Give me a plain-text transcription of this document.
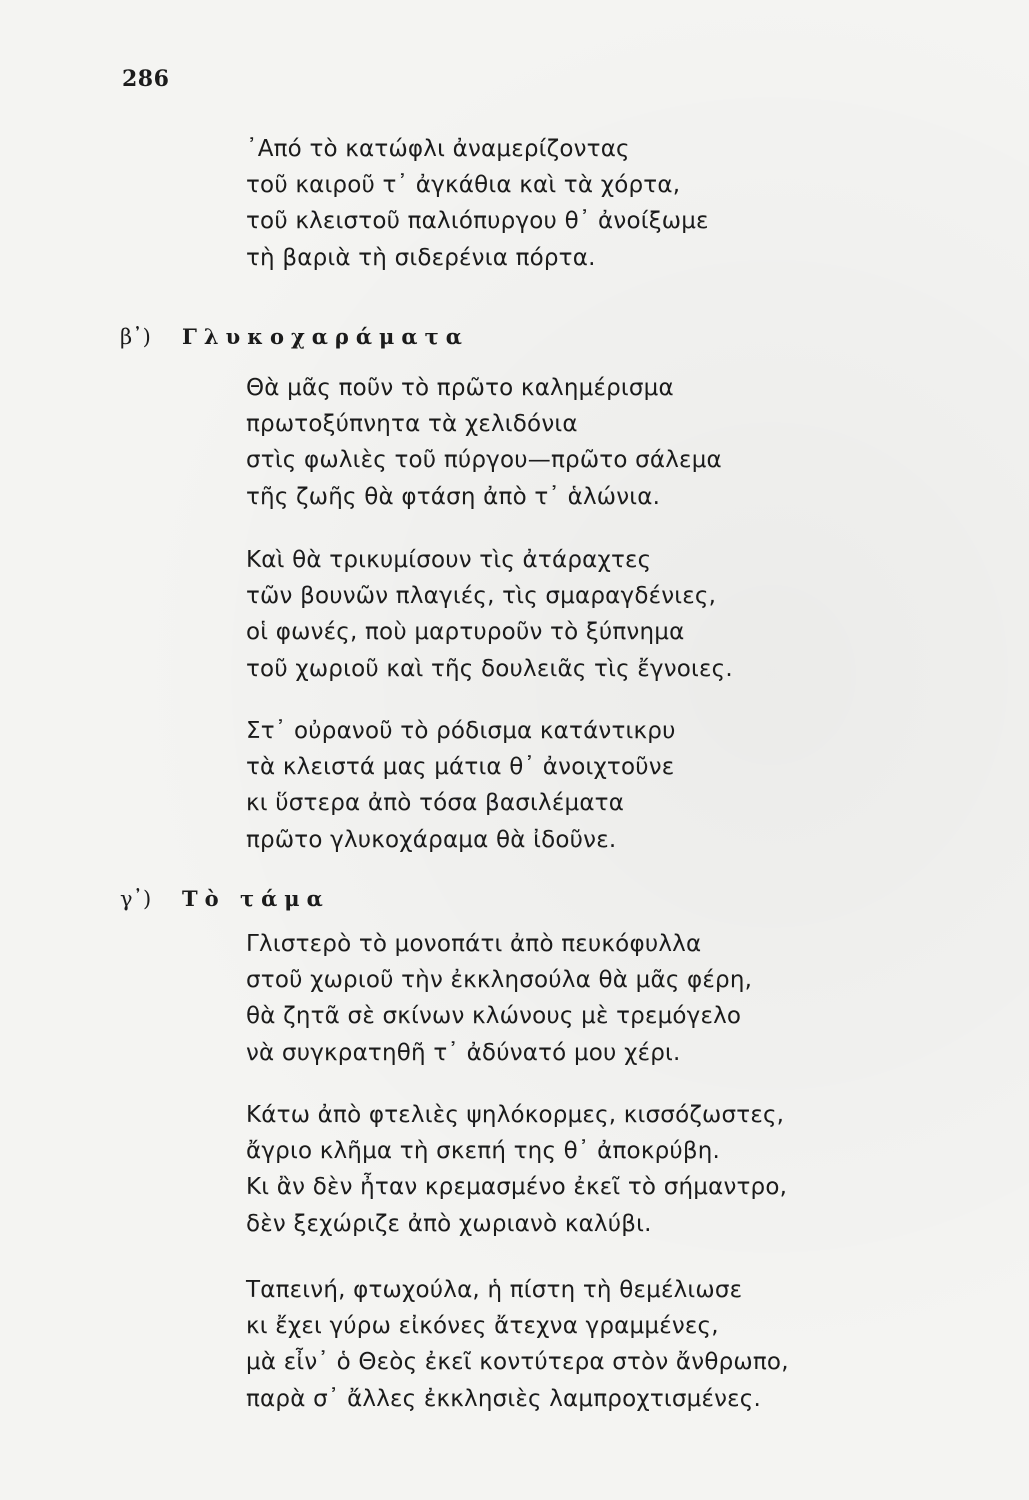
286
᾽Από τὸ κατώφλι ἀναμερίζοντας
τοῦ καιροῦ τ᾽ ἀγκάθια καὶ τὰ χόρτα,
τοῦ κλειστοῦ παλιόπυργου θ᾽ ἀνοίξωμε
τὴ βαριὰ τὴ σιδερένια πόρτα.
β᾽) Γλυκοχαράματα
Θὰ μᾶς ποῦν τὸ πρῶτο καλημέρισμα
πρωτοξύπνητα τὰ χελιδόνια
στὶς φωλιὲς τοῦ πύργου—πρῶτο σάλεμα
τῆς ζωῆς θὰ φτάση ἀπὸ τ᾽ ἁλώνια.
Καὶ θὰ τρικυμίσουν τὶς ἀτάραχτες
τῶν βουνῶν πλαγιές, τὶς σμαραγδένιες,
οἱ φωνές, ποὺ μαρτυροῦν τὸ ξύπνημα
τοῦ χωριοῦ καὶ τῆς δουλειᾶς τὶς ἔγνοιες.
Στ᾽ οὐρανοῦ τὸ ρόδισμα κατάντικρυ
τὰ κλειστά μας μάτια θ᾽ ἀνοιχτοῦνε
κι ὕστερα ἀπὸ τόσα βασιλέματα
πρῶτο γλυκοχάραμα θὰ ἰδοῦνε.
γ᾽) Τὸ τάμα
Γλιστερὸ τὸ μονοπάτι ἀπὸ πευκόφυλλα
στοῦ χωριοῦ τὴν ἐκκλησούλα θὰ μᾶς φέρη,
θὰ ζητᾶ σὲ σκίνων κλώνους μὲ τρεμόγελο
νὰ συγκρατηθῆ τ᾽ ἀδύνατό μου χέρι.
Κάτω ἀπὸ φτελιὲς ψηλόκορμες, κισσόζωστες,
ἄγριο κλῆμα τὴ σκεπή της θ᾽ ἀποκρύβη.
Κι ἂν δὲν ἦταν κρεμασμένο ἐκεῖ τὸ σήμαντρο,
δὲν ξεχώριζε ἀπὸ χωριανὸ καλύβι.
Ταπεινή, φτωχούλα, ἡ πίστη τὴ θεμέλιωσε
κι ἔχει γύρω εἰκόνες ἄτεχνα γραμμένες,
μὰ εἶν᾽ ὁ Θεὸς ἐκεῖ κοντύτερα στὸν ἄνθρωπο,
παρὰ σ᾽ ἄλλες ἐκκλησιὲς λαμπροχτισμένες.
